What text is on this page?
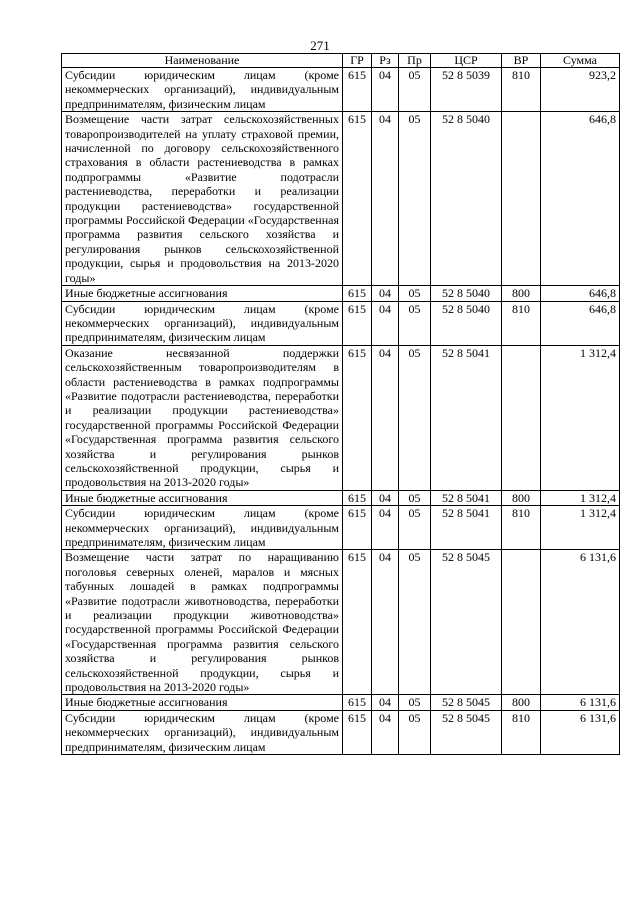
271
Наименование	ГР	Рз	Пр	ЦСР	ВР	Сумма
Субсидии юридическим лицам (кроме некоммерческих организаций), индивидуальным предпринимателям, физическим лицам	615	04	05	52 8 5039	810	923,2
Возмещение части затрат сельскохозяйственных товаропроизводителей на уплату страховой премии, начисленной по договору сельскохозяйственного страхования в области растениеводства в рамках подпрограммы «Развитие подотрасли растениеводства, переработки и реализации продукции растениеводства» государственной программы Российской Федерации «Государственная программа развития сельского хозяйства и регулирования рынков сельскохозяйственной продукции, сырья и продовольствия на 2013-2020 годы»	615	04	05	52 8 5040		646,8
Иные бюджетные ассигнования	615	04	05	52 8 5040	800	646,8
Субсидии юридическим лицам (кроме некоммерческих организаций), индивидуальным предпринимателям, физическим лицам	615	04	05	52 8 5040	810	646,8
Оказание несвязанной поддержки сельскохозяйственным товаропроизводителям в области растениеводства в рамках подпрограммы «Развитие подотрасли растениеводства, переработки и реализации продукции растениеводства» государственной программы Российской Федерации «Государственная программа развития сельского хозяйства и регулирования рынков сельскохозяйственной продукции, сырья и продовольствия на 2013-2020 годы»	615	04	05	52 8 5041		1 312,4
Иные бюджетные ассигнования	615	04	05	52 8 5041	800	1 312,4
Субсидии юридическим лицам (кроме некоммерческих организаций), индивидуальным предпринимателям, физическим лицам	615	04	05	52 8 5041	810	1 312,4
Возмещение части затрат по наращиванию поголовья северных оленей, маралов и мясных табунных лошадей в рамках подпрограммы «Развитие подотрасли животноводства, переработки и реализации продукции животноводства» государственной программы Российской Федерации «Государственная программа развития сельского хозяйства и регулирования рынков сельскохозяйственной продукции, сырья и продовольствия на 2013-2020 годы»	615	04	05	52 8 5045		6 131,6
Иные бюджетные ассигнования	615	04	05	52 8 5045	800	6 131,6
Субсидии юридическим лицам (кроме некоммерческих организаций), индивидуальным предпринимателям, физическим лицам	615	04	05	52 8 5045	810	6 131,6
